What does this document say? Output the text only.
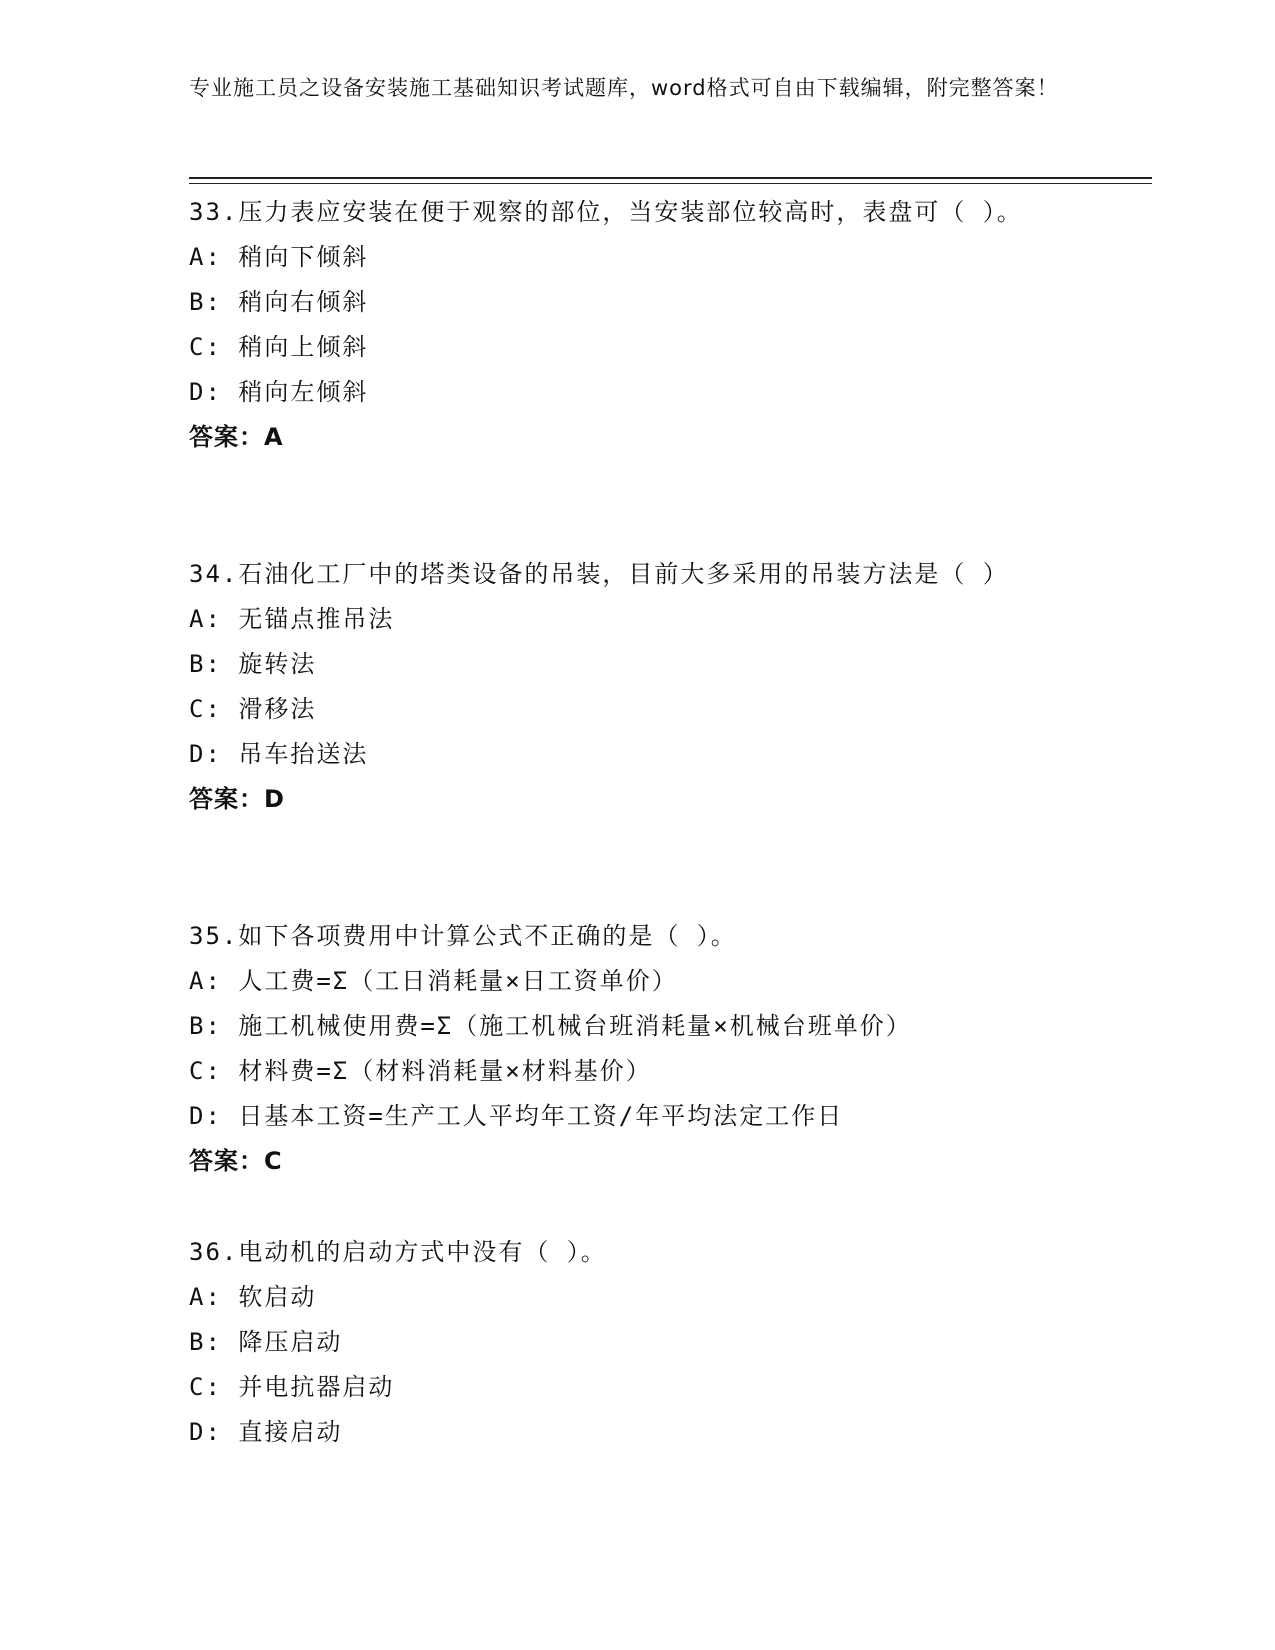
专业施工员之设备安装施工基础知识考试题库，word格式可自由下载编辑，附完整答案！

33.压力表应安装在便于观察的部位，当安装部位较高时，表盘可（ ）。

A: 稍向下倾斜

B: 稍向右倾斜

C: 稍向上倾斜

D: 稍向左倾斜

答案：A

34.石油化工厂中的塔类设备的吊装，目前大多采用的吊装方法是（ ）

A: 无锚点推吊法

B: 旋转法

C: 滑移法

D: 吊车抬送法

答案：D

35.如下各项费用中计算公式不正确的是（ ）。

A: 人工费=Σ（工日消耗量×日工资单价）

B: 施工机械使用费=Σ（施工机械台班消耗量×机械台班单价）

C: 材料费=Σ（材料消耗量×材料基价）

D: 日基本工资=生产工人平均年工资/年平均法定工作日

答案：C

36.电动机的启动方式中没有（ ）。

A: 软启动

B: 降压启动

C: 并电抗器启动

D: 直接启动
